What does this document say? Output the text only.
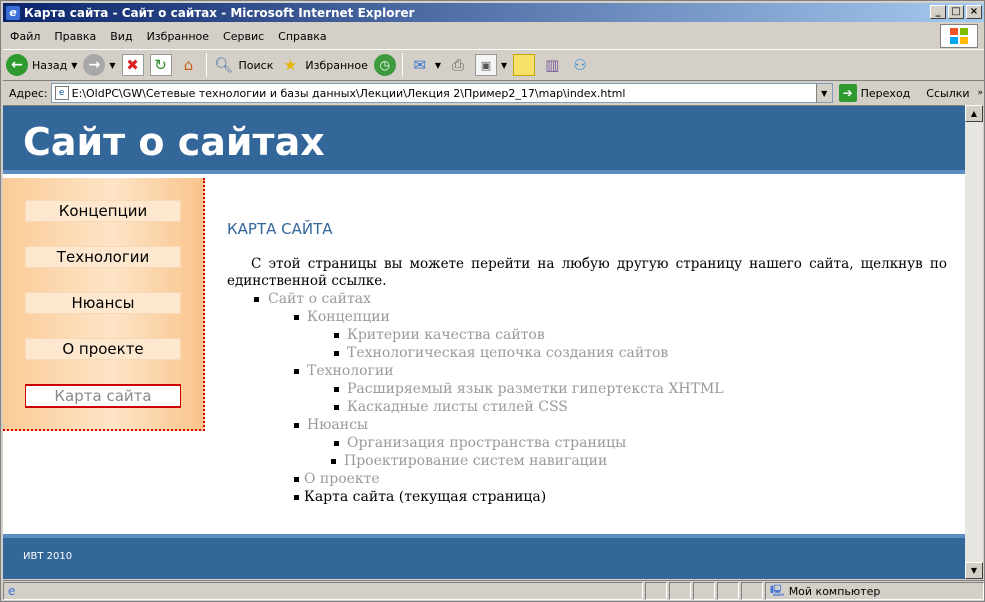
e Карта сайта - Сайт о сайтах - Microsoft Internet Explorer	_	□ ×
Файл	Правка	Вид	Избранное	Сервис	Справка
← Назад ▼ →	▼ ✖	↻	⌂	🔍︎ Поиск ★ Избранное ◷	✉	▼ ⎙	▣	▼	▥ ⚇
Адрес:	e E:\OldPC\GW\Сетевые технологии и базы данных\Лекции\Лекция 2\Пример2_17\map\index.html	▼	➔ Переход Ссылки »
Сайт о сайтах
Концепции
Технологии
Нюансы
О проекте
Карта сайта
КАРТА САЙТА

С этой страницы вы можете перейти на любую другую страницу нашего сайта, щелкнув по единственной ссылке.

Сайт о сайтах
Концепции
Критерии качества сайтов
Технологическая цепочка создания сайтов
Технологии
Расширяемый язык разметки гипертекста XHTML
Каскадные листы стилей CSS
Нюансы
Организация пространства страницы
Проектирование систем навигации
О проекте
Карта сайта (текущая страница)
ИВТ 2010
▲
▼
e	🖳 Мой компьютер
